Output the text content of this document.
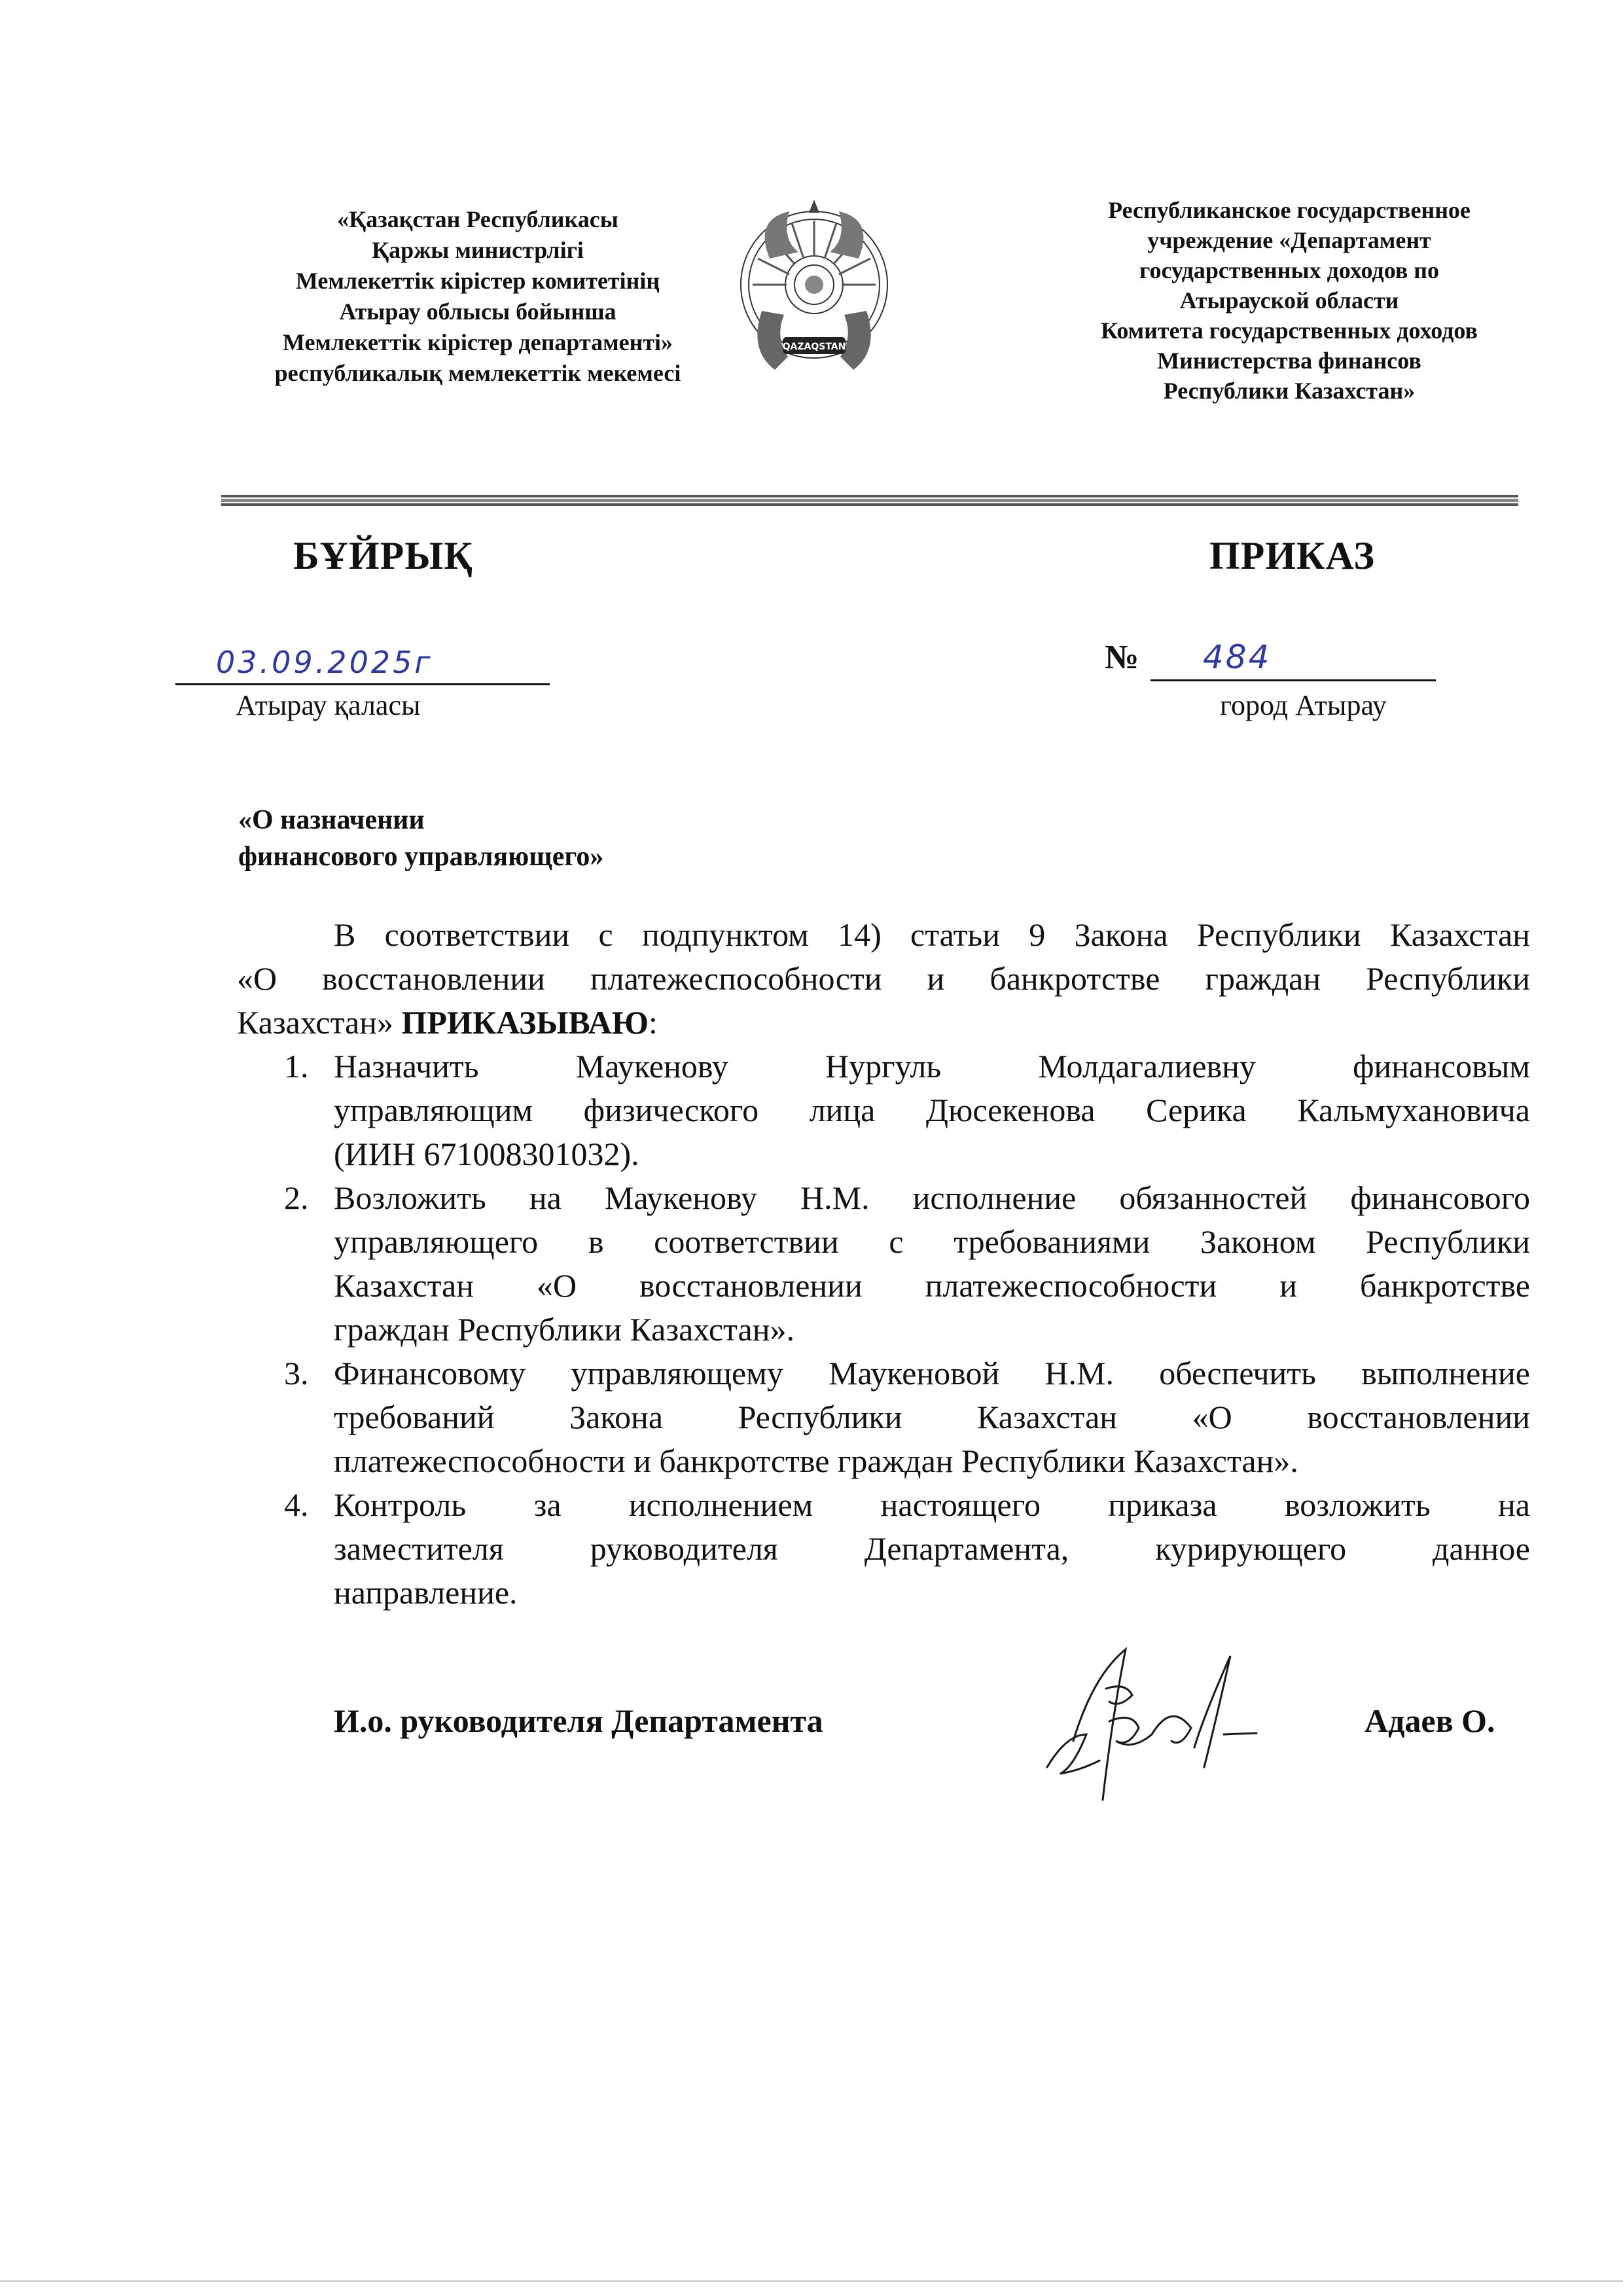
«Қазақстан Республикасы
Қаржы министрлігі
Мемлекеттік кірістер комитетінің
Атырау облысы бойынша
Мемлекеттік кірістер департаменті»
республикалық мемлекеттік мекемесі
QAZAQSTAN
Республиканское государственное
учреждение «Департамент
государственных доходов по
Атырауской области
Комитета государственных доходов
Министерства финансов
Республики Казахстан»
БҰЙРЫҚ	ПРИКАЗ
03.09.2025г
Атырау қаласы
№ 484
город Атырау
«О назначении
финансового управляющего»
В соответствии с подпунктом 14) статьи 9 Закона Республики Казахстан
«О восстановлении платежеспособности и банкротстве граждан Республики
Казахстан» ПРИКАЗЫВАЮ:
1. Назначить Маукенову Нургуль Молдагалиевну финансовым
управляющим физического лица Дюсекенова Серика Кальмухановича
(ИИН 671008301032).
2. Возложить на Маукенову Н.М. исполнение обязанностей финансового
управляющего в соответствии с требованиями Законом Республики
Казахстан «О восстановлении платежеспособности и банкротстве
граждан Республики Казахстан».
3. Финансовому управляющему Маукеновой Н.М. обеспечить выполнение
требований Закона Республики Казахстан «О восстановлении
платежеспособности и банкротстве граждан Республики Казахстан».
4. Контроль за исполнением настоящего приказа возложить на
заместителя руководителя Департамента, курирующего данное
направление.
И.о. руководителя Департамента	Адаев О.
